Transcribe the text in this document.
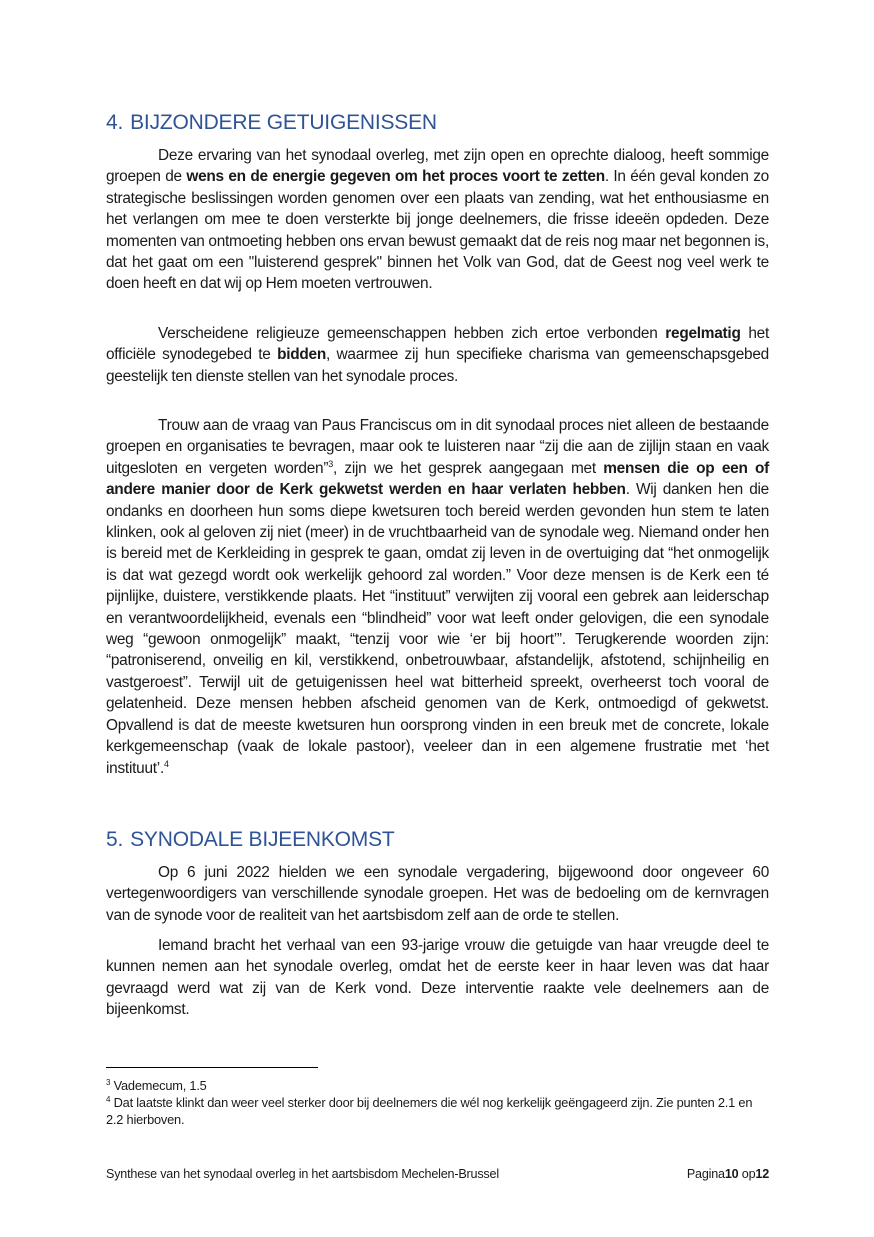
4. BIJZONDERE GETUIGENISSEN

Deze ervaring van het synodaal overleg, met zijn open en oprechte dialoog, heeft sommige groepen de wens en de energie gegeven om het proces voort te zetten. In één geval konden zo strategische beslissingen worden genomen over een plaats van zending, wat het enthousiasme en het verlangen om mee te doen versterkte bij jonge deelnemers, die frisse ideeën opdeden. Deze momenten van ontmoeting hebben ons ervan bewust gemaakt dat de reis nog maar net begonnen is, dat het gaat om een "luisterend gesprek" binnen het Volk van God, dat de Geest nog veel werk te doen heeft en dat wij op Hem moeten vertrouwen.

Verscheidene religieuze gemeenschappen hebben zich ertoe verbonden regelmatig het officiële synodegebed te bidden, waarmee zij hun specifieke charisma van gemeenschapsgebed geestelijk ten dienste stellen van het synodale proces.

Trouw aan de vraag van Paus Franciscus om in dit synodaal proces niet alleen de bestaande groepen en organisaties te bevragen, maar ook te luisteren naar “zij die aan de zijlijn staan en vaak uitgesloten en vergeten worden”$^3$, zijn we het gesprek aangegaan met mensen die op een of andere manier door de Kerk gekwetst werden en haar verlaten hebben. Wij danken hen die ondanks en doorheen hun soms diepe kwetsuren toch bereid werden gevonden hun stem te laten klinken, ook al geloven zij niet (meer) in de vruchtbaarheid van de synodale weg. Niemand onder hen is bereid met de Kerkleiding in gesprek te gaan, omdat zij leven in de overtuiging dat “het onmogelijk is dat wat gezegd wordt ook werkelijk gehoord zal worden.” Voor deze mensen is de Kerk een té pijnlijke, duistere, verstikkende plaats. Het “instituut” verwijten zij vooral een gebrek aan leiderschap en verantwoordelijkheid, evenals een “blindheid” voor wat leeft onder gelovigen, die een synodale weg “gewoon onmogelijk” maakt, “tenzij voor wie ‘er bij hoort’”. Terugkerende woorden zijn: “patroniserend, onveilig en kil, verstikkend, onbetrouwbaar, afstandelijk, afstotend, schijnheilig en vastgeroest”. Terwijl uit de getuigenissen heel wat bitterheid spreekt, overheerst toch vooral de gelatenheid. Deze mensen hebben afscheid genomen van de Kerk, ontmoedigd of gekwetst. Opvallend is dat de meeste kwetsuren hun oorsprong vinden in een breuk met de concrete, lokale kerkgemeenschap (vaak de lokale pastoor), veeleer dan in een algemene frustratie met ‘het instituut’.$^4$

5. SYNODALE BIJEENKOMST

Op 6 juni 2022 hielden we een synodale vergadering, bijgewoond door ongeveer 60 vertegenwoordigers van verschillende synodale groepen. Het was de bedoeling om de kernvragen van de synode voor de realiteit van het aartsbisdom zelf aan de orde te stellen.

Iemand bracht het verhaal van een 93-jarige vrouw die getuigde van haar vreugde deel te kunnen nemen aan het synodale overleg, omdat het de eerste keer in haar leven was dat haar gevraagd werd wat zij van de Kerk vond. Deze interventie raakte vele deelnemers aan de bijeenkomst.

$^3$ Vademecum, 1.5
$^4$ Dat laatste klinkt dan weer veel sterker door bij deelnemers die wél nog kerkelijk geëngageerd zijn. Zie punten 2.1 en 2.2 hierboven.
Synthese van het synodaal overleg in het aartsbisdom Mechelen-Brussel	Pagina10 op12
